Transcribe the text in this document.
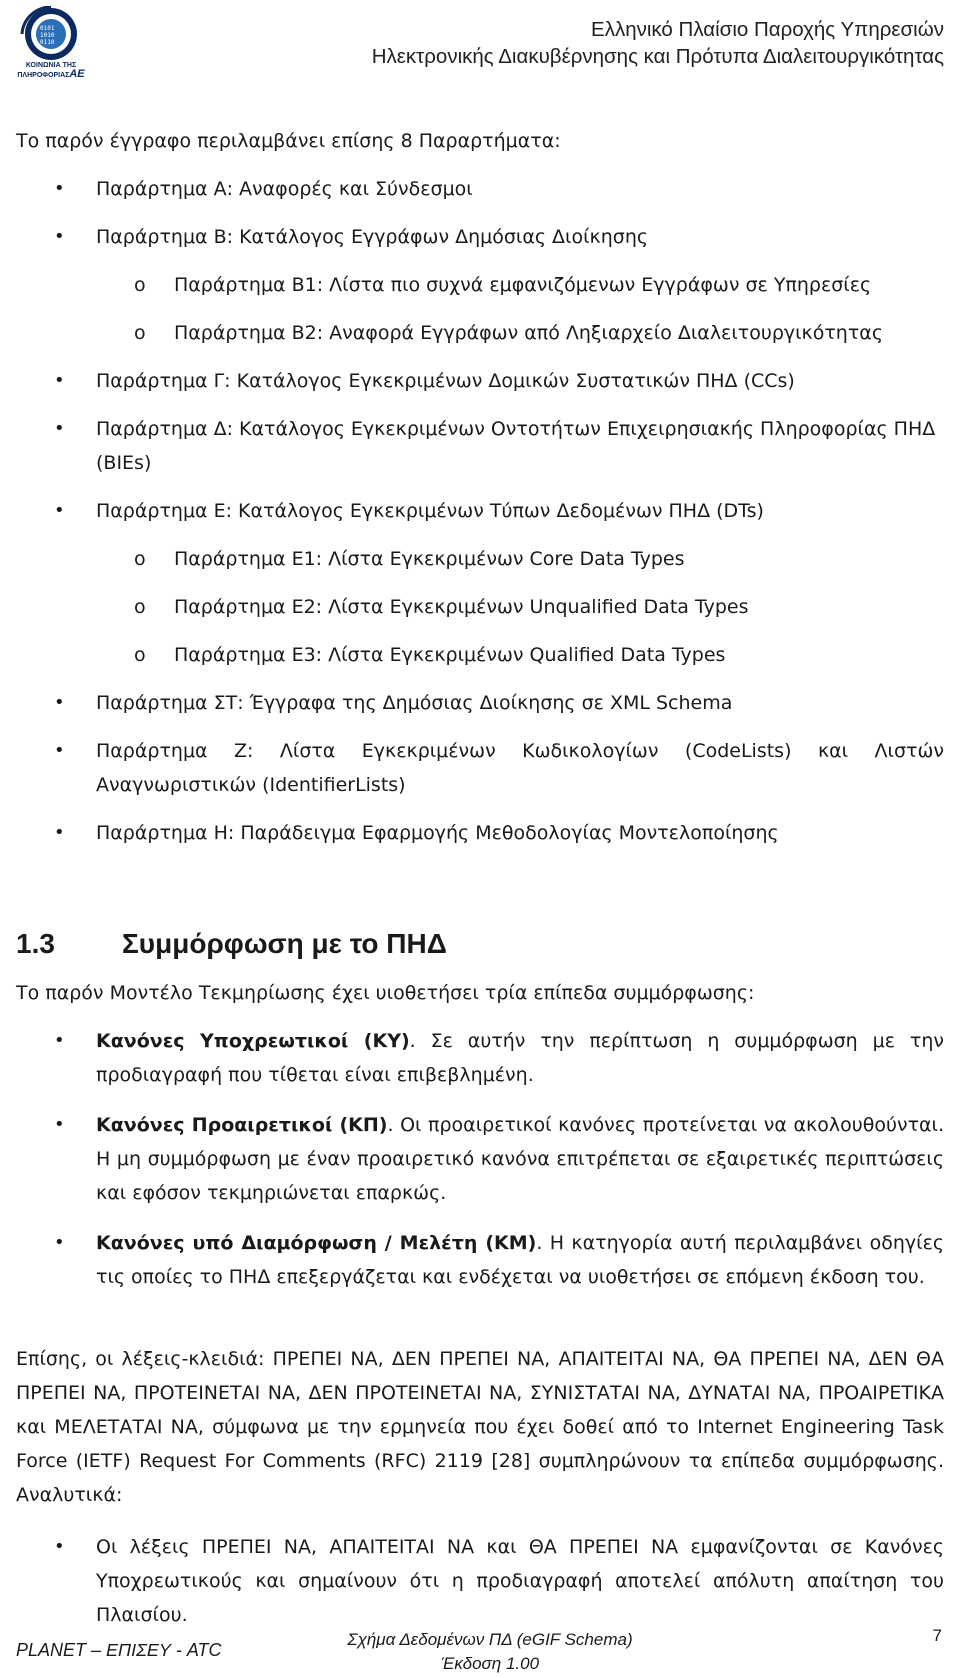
0101
1010
0110
ΚΟΙΝΩΝΙΑ ΤΗΣ
ΠΛΗΡΟΦΟΡΙΑΣΑΕ
Ελληνικό Πλαίσιο Παροχής Υπηρεσιών
Ηλεκτρονικής Διακυβέρνησης και Πρότυπα Διαλειτουργικότητας
Το παρόν έγγραφο περιλαμβάνει επίσης 8 Παραρτήματα:
• Παράρτημα Α: Αναφορές και Σύνδεσμοι
• Παράρτημα Β: Κατάλογος Εγγράφων Δημόσιας Διοίκησης
o Παράρτημα Β1: Λίστα πιο συχνά εμφανιζόμενων Εγγράφων σε Υπηρεσίες
o Παράρτημα Β2: Αναφορά Εγγράφων από Ληξιαρχείο Διαλειτουργικότητας
• Παράρτημα Γ: Κατάλογος Εγκεκριμένων Δομικών Συστατικών ΠΗΔ (CCs)
• Παράρτημα Δ: Κατάλογος Εγκεκριμένων Οντοτήτων Επιχειρησιακής Πληροφορίας ΠΗΔ
(BIEs)
• Παράρτημα Ε: Κατάλογος Εγκεκριμένων Τύπων Δεδομένων ΠΗΔ (DTs)
o Παράρτημα Ε1: Λίστα Εγκεκριμένων Core Data Types
o Παράρτημα Ε2: Λίστα Εγκεκριμένων Unqualified Data Types
o Παράρτημα Ε3: Λίστα Εγκεκριμένων Qualified Data Types
• Παράρτημα ΣΤ: Έγγραφα της Δημόσιας Διοίκησης σε XML Schema
• Παράρτημα Ζ: Λίστα Εγκεκριμένων Κωδικολογίων (CodeLists) και Λιστών
Αναγνωριστικών (IdentifierLists)
• Παράρτημα Η: Παράδειγμα Εφαρμογής Μεθοδολογίας Μοντελοποίησης
1.3 Συμμόρφωση με το ΠΗΔ
Το παρόν Μοντέλο Τεκμηρίωσης έχει υιοθετήσει τρία επίπεδα συμμόρφωσης:
• Κανόνες Υποχρεωτικοί (ΚΥ). Σε αυτήν την περίπτωση η συμμόρφωση με την προδιαγραφή που τίθεται είναι επιβεβλημένη.
• Κανόνες Προαιρετικοί (ΚΠ). Οι προαιρετικοί κανόνες προτείνεται να ακολουθούνται. Η μη συμμόρφωση με έναν προαιρετικό κανόνα επιτρέπεται σε εξαιρετικές περιπτώσεις και εφόσον τεκμηριώνεται επαρκώς.
• Κανόνες υπό Διαμόρφωση / Μελέτη (ΚΜ). Η κατηγορία αυτή περιλαμβάνει οδηγίες τις οποίες το ΠΗΔ επεξεργάζεται και ενδέχεται να υιοθετήσει σε επόμενη έκδοση του.
Επίσης, οι λέξεις-κλειδιά: ΠΡΕΠΕΙ ΝΑ, ΔΕΝ ΠΡΕΠΕΙ ΝΑ, ΑΠΑΙΤΕΙΤΑΙ ΝΑ, ΘΑ ΠΡΕΠΕΙ ΝΑ, ΔΕΝ ΘΑ ΠΡΕΠΕΙ ΝΑ, ΠΡΟΤΕΙΝΕΤΑΙ ΝΑ, ΔΕΝ ΠΡΟΤΕΙΝΕΤΑΙ ΝΑ, ΣΥΝΙΣΤΑΤΑΙ ΝΑ, ΔΥΝΑΤΑΙ ΝΑ, ΠΡΟΑΙΡΕΤΙΚΑ και ΜΕΛΕΤΑΤΑΙ ΝΑ, σύμφωνα με την ερμηνεία που έχει δοθεί από το Internet Engineering Task Force (IETF) Request For Comments (RFC) 2119 [28] συμπληρώνουν τα επίπεδα συμμόρφωσης. Αναλυτικά:
• Οι λέξεις ΠΡΕΠΕΙ ΝΑ, ΑΠΑΙΤΕΙΤΑΙ ΝΑ και ΘΑ ΠΡΕΠΕΙ ΝΑ εμφανίζονται σε Κανόνες Υποχρεωτικούς και σημαίνουν ότι η προδιαγραφή αποτελεί απόλυτη απαίτηση του Πλαισίου.
PLANET – ΕΠΙΣΕΥ - ATC
Σχήμα Δεδομένων ΠΔ (eGIF Schema)
Έκδοση 1.00
7
